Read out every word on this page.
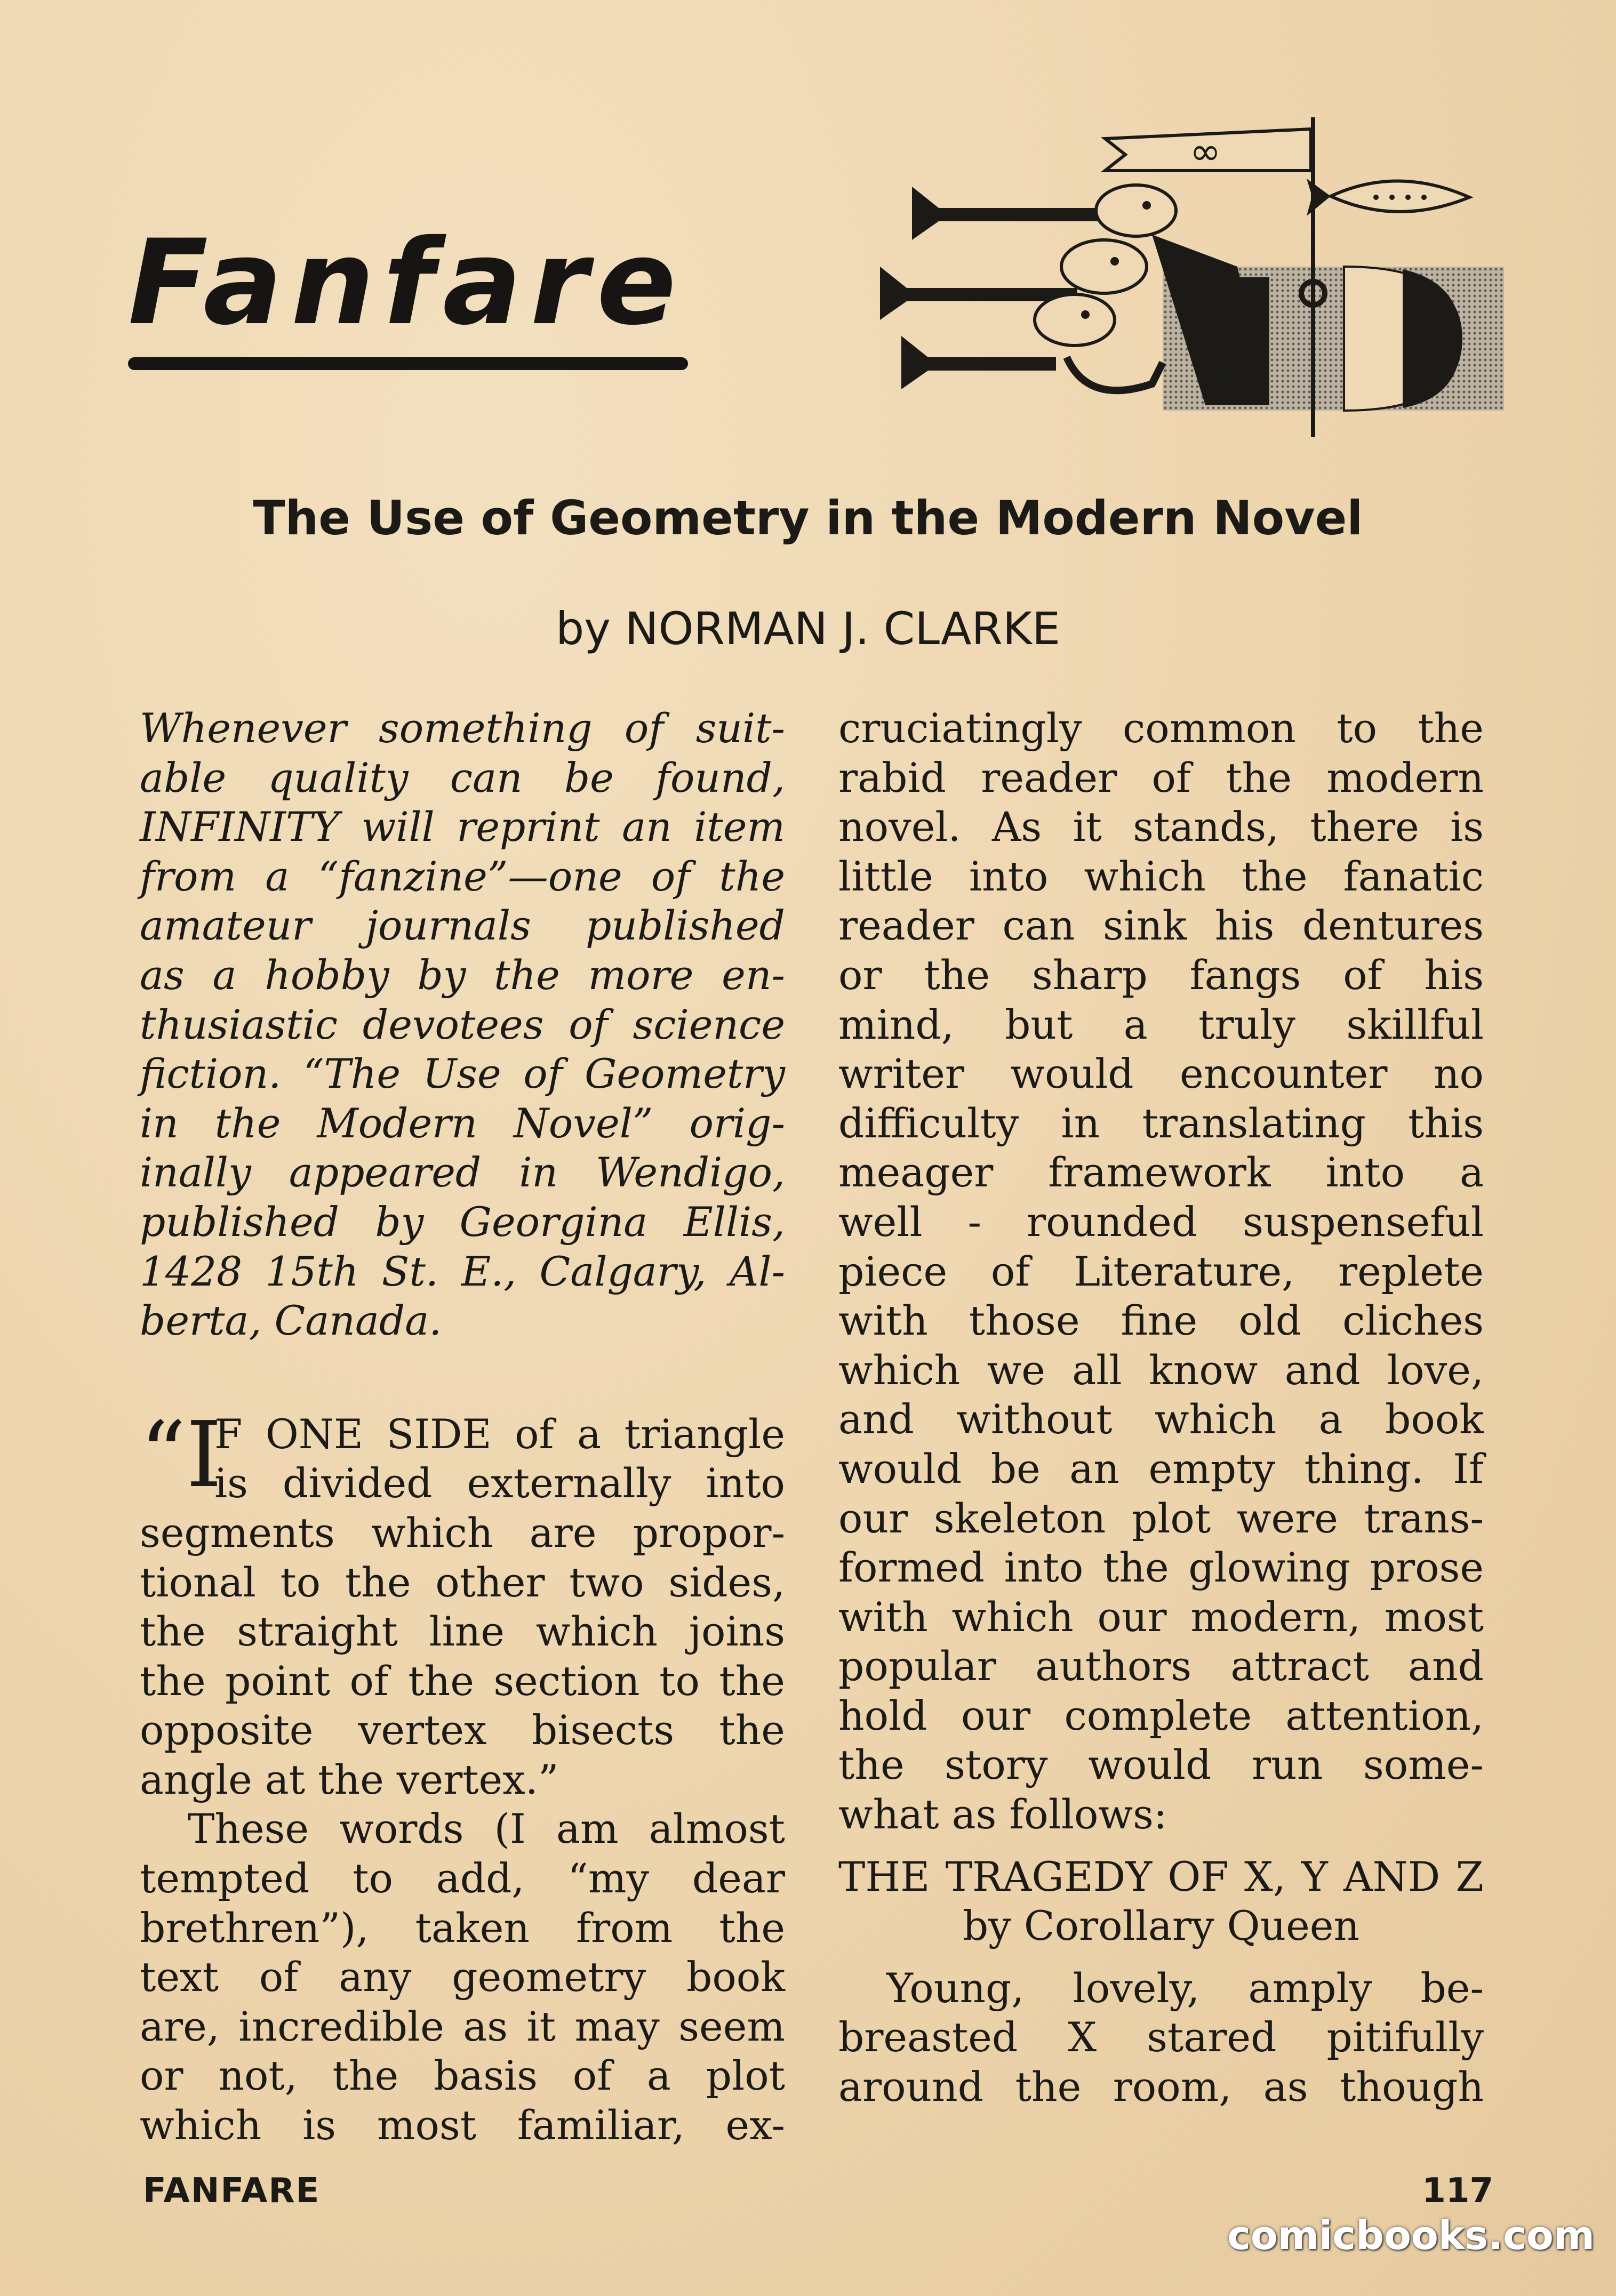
Fanfare
∞
The Use of Geometry in the Modern Novel
by NORMAN J. CLARKE
Whenever something of suit-
able quality can be found,
INFINITY will reprint an item
from a “fanzine”—one of the
amateur journals published
as a hobby by the more en-
thusiastic devotees of science
fiction. “The Use of Geometry
in the Modern Novel” orig-
inally appeared in Wendigo,
published by Georgina Ellis,
1428 15th St. E., Calgary, Al-
berta, Canada.
“I
F ONE SIDE of a triangle
is divided externally into
segments which are propor-
tional to the other two sides,
the straight line which joins
the point of the section to the
opposite vertex bisects the
angle at the vertex.”
These words (I am almost
tempted to add, “my dear
brethren”), taken from the
text of any geometry book
are, incredible as it may seem
or not, the basis of a plot
which is most familiar, ex-
cruciatingly common to the
rabid reader of the modern
novel. As it stands, there is
little into which the fanatic
reader can sink his dentures
or the sharp fangs of his
mind, but a truly skillful
writer would encounter no
difficulty in translating this
meager framework into a
well - rounded suspenseful
piece of Literature, replete
with those fine old cliches
which we all know and love,
and without which a book
would be an empty thing. If
our skeleton plot were trans-
formed into the glowing prose
with which our modern, most
popular authors attract and
hold our complete attention,
the story would run some-
what as follows:
THE TRAGEDY OF X, Y AND Z
by Corollary Queen
Young, lovely, amply be-
breasted X stared pitifully
around the room, as though
FANFARE	117
comicbooks.com
